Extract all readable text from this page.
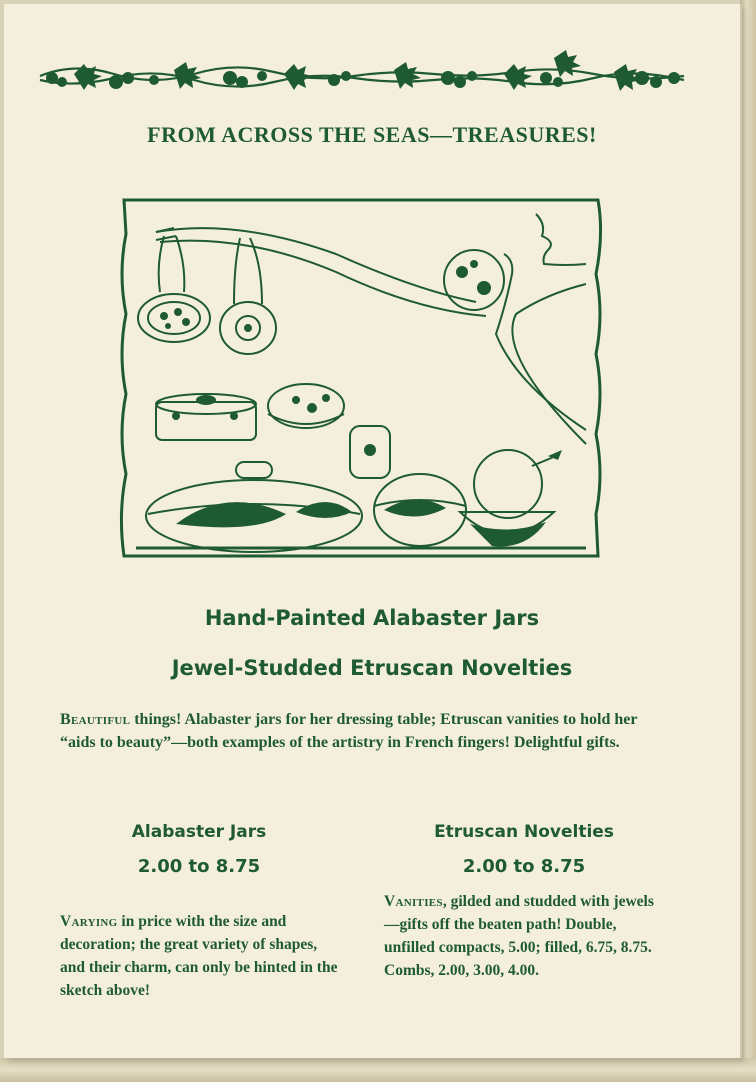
FROM ACROSS THE SEAS—TREASURES!
Hand-Painted Alabaster Jars
Jewel-Studded Etruscan Novelties
Beautiful things! Alabaster jars for her dressing table; Etruscan vanities to hold her “aids to beauty”—both examples of the artistry in French fingers! Delightful gifts.
Alabaster Jars
2.00 to 8.75
Varying in price with the size and decoration; the great variety of shapes, and their charm, can only be hinted in the sketch above!
Etruscan Novelties
2.00 to 8.75
Vanities, gilded and studded with jewels—gifts off the beaten path! Double, unfilled compacts, 5.00; filled, 6.75, 8.75. Combs, 2.00, 3.00, 4.00.
